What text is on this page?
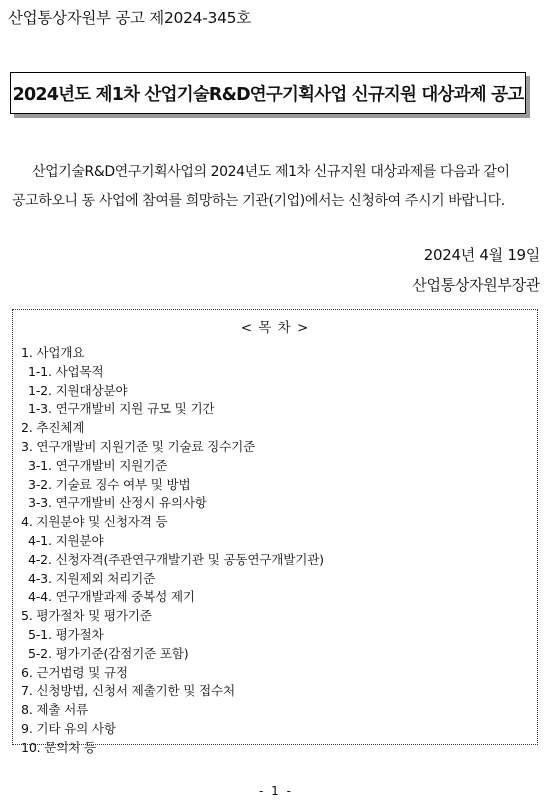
산업통상자원부 공고 제2024-345호
2024년도 제1차 산업기술R&D연구기획사업 신규지원 대상과제 공고
산업기술R&D연구기획사업의 2024년도 제1차 신규지원 대상과제를 다음과 같이
공고하오니 동 사업에 참여를 희망하는 기관(기업)에서는 신청하여 주시기 바랍니다.
2024년 4월 19일
산업통상자원부장관
< 목 차 >
1. 사업개요
1-1. 사업목적
1-2. 지원대상분야
1-3. 연구개발비 지원 규모 및 기간
2. 추진체계
3. 연구개발비 지원기준 및 기술료 징수기준
3-1. 연구개발비 지원기준
3-2. 기술료 징수 여부 및 방법
3-3. 연구개발비 산정시 유의사항
4. 지원분야 및 신청자격 등
4-1. 지원분야
4-2. 신청자격(주관연구개발기관 및 공동연구개발기관)
4-3. 지원제외 처리기준
4-4. 연구개발과제 중복성 제기
5. 평가절차 및 평가기준
5-1. 평가절차
5-2. 평가기준(감점기준 포함)
6. 근거법령 및 규정
7. 신청방법, 신청서 제출기한 및 접수처
8. 제출 서류
9. 기타 유의 사항
10. 문의처 등
- 1 -
